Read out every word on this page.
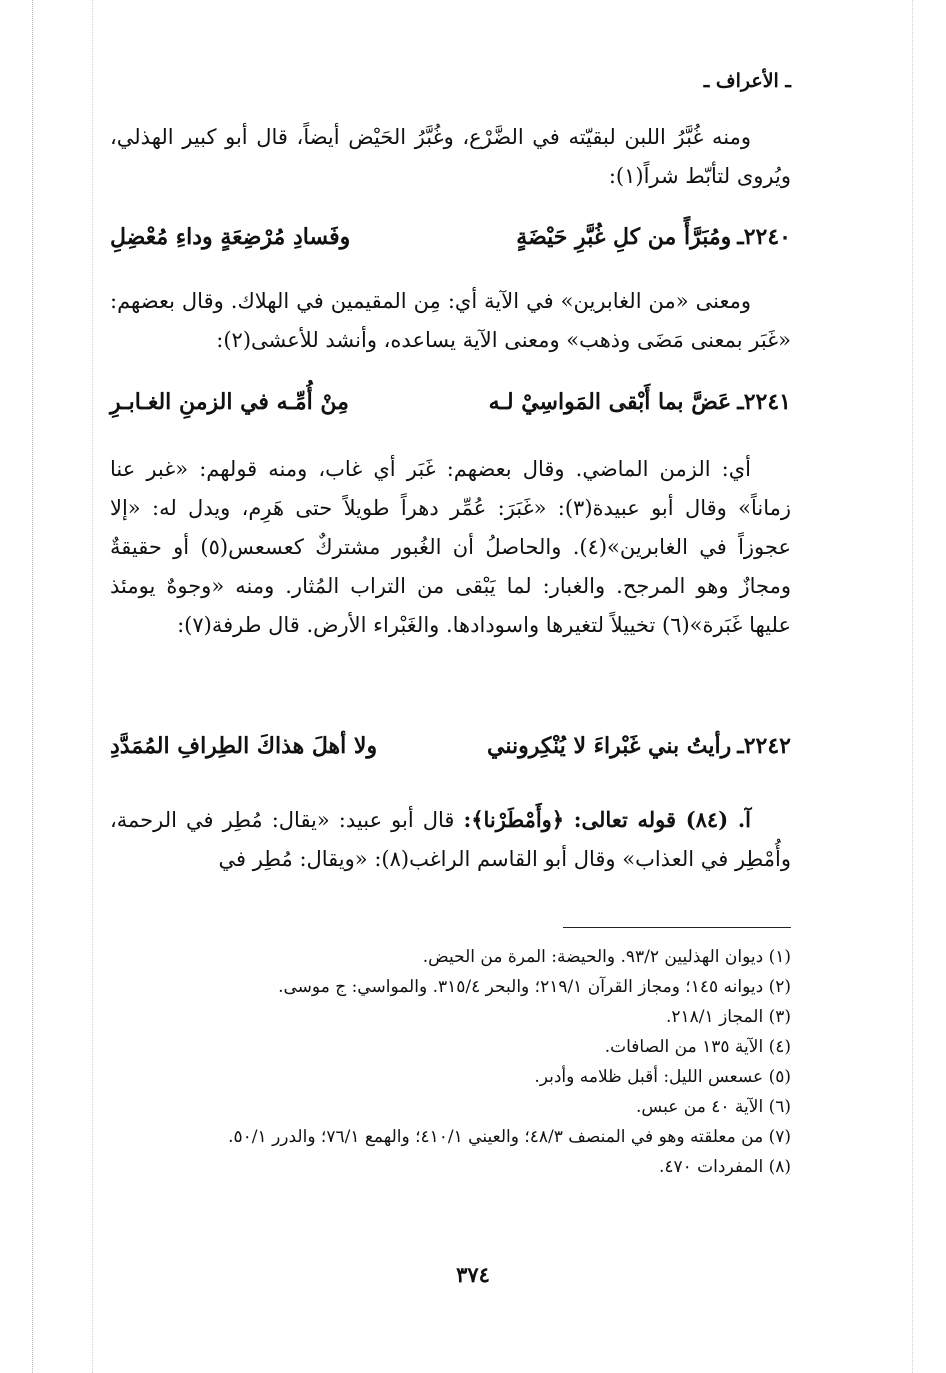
ـ الأعراف ـ

ومنه غُبَّرُ اللبن لبقيّته في الضَّرْع، وغُبَّرُ الحَيْض أيضاً، قال أبو كبير الهذلي، ويُروى لتأبّط شراً(١):

٢٢٤٠ـ
ومُبَرَّأً من كلِ غُبَّرِ حَيْضَةٍ
وفَسادِ مُرْضِعَةٍ وداءِ مُعْضِلِ

ومعنى «من الغابرين» في الآية أي: مِن المقيمين في الهلاك. وقال بعضهم: «غَبَر بمعنى مَضَى وذهب» ومعنى الآية يساعده، وأنشد للأعشى(٢):

٢٢٤١ـ
عَضَّ بما أَبْقى المَواسِيْ لـه
مِنْ أُمِّـه في الزمنِ الغـابـرِ

أي: الزمن الماضي. وقال بعضهم: غَبَر أي غاب، ومنه قولهم: «غبر عنا زماناً» وقال أبو عبيدة(٣): «غَبَرَ: عُمِّر دهراً طويلاً حتى هَرِم، ويدل له: «إلا عجوزاً في الغابرين»(٤). والحاصلُ أن الغُبور مشتركٌ كعسعس(٥) أو حقيقةٌ ومجازٌ وهو المرجح. والغبار: لما يَبْقى من التراب المُثار. ومنه «وجوهٌ يومئذ عليها غَبَرة»(٦) تخييلاً لتغيرها واسودادها. والغَبْراء الأرض. قال طرفة(٧):

٢٢٤٢ـ
رأيتُ بني غَبْراءَ لا يُنْكِرونني
ولا أهلَ هذاكَ الطِرافِ المُمَدَّدِ

آ. (٨٤) قوله تعالى: ﴿وأَمْطَرْنا﴾: قال أبو عبيد: «يقال: مُطِر في الرحمة، وأُمْطِر في العذاب» وقال أبو القاسم الراغب(٨): «ويقال: مُطِر في

(١) ديوان الهذليين ٩٣/٢. والحيضة: المرة من الحيض.
(٢) ديوانه ١٤٥؛ ومجاز القرآن ٢١٩/١؛ والبحر ٣١٥/٤. والمواسي: ج موسى.
(٣) المجاز ٢١٨/١.
(٤) الآية ١٣٥ من الصافات.
(٥) عسعس الليل: أقبل ظلامه وأدبر.
(٦) الآية ٤٠ من عبس.
(٧) من معلقته وهو في المنصف ٤٨/٣؛ والعيني ٤١٠/١؛ والهمع ٧٦/١؛ والدرر ٥٠/١.
(٨) المفردات ٤٧٠.
٣٧٤
